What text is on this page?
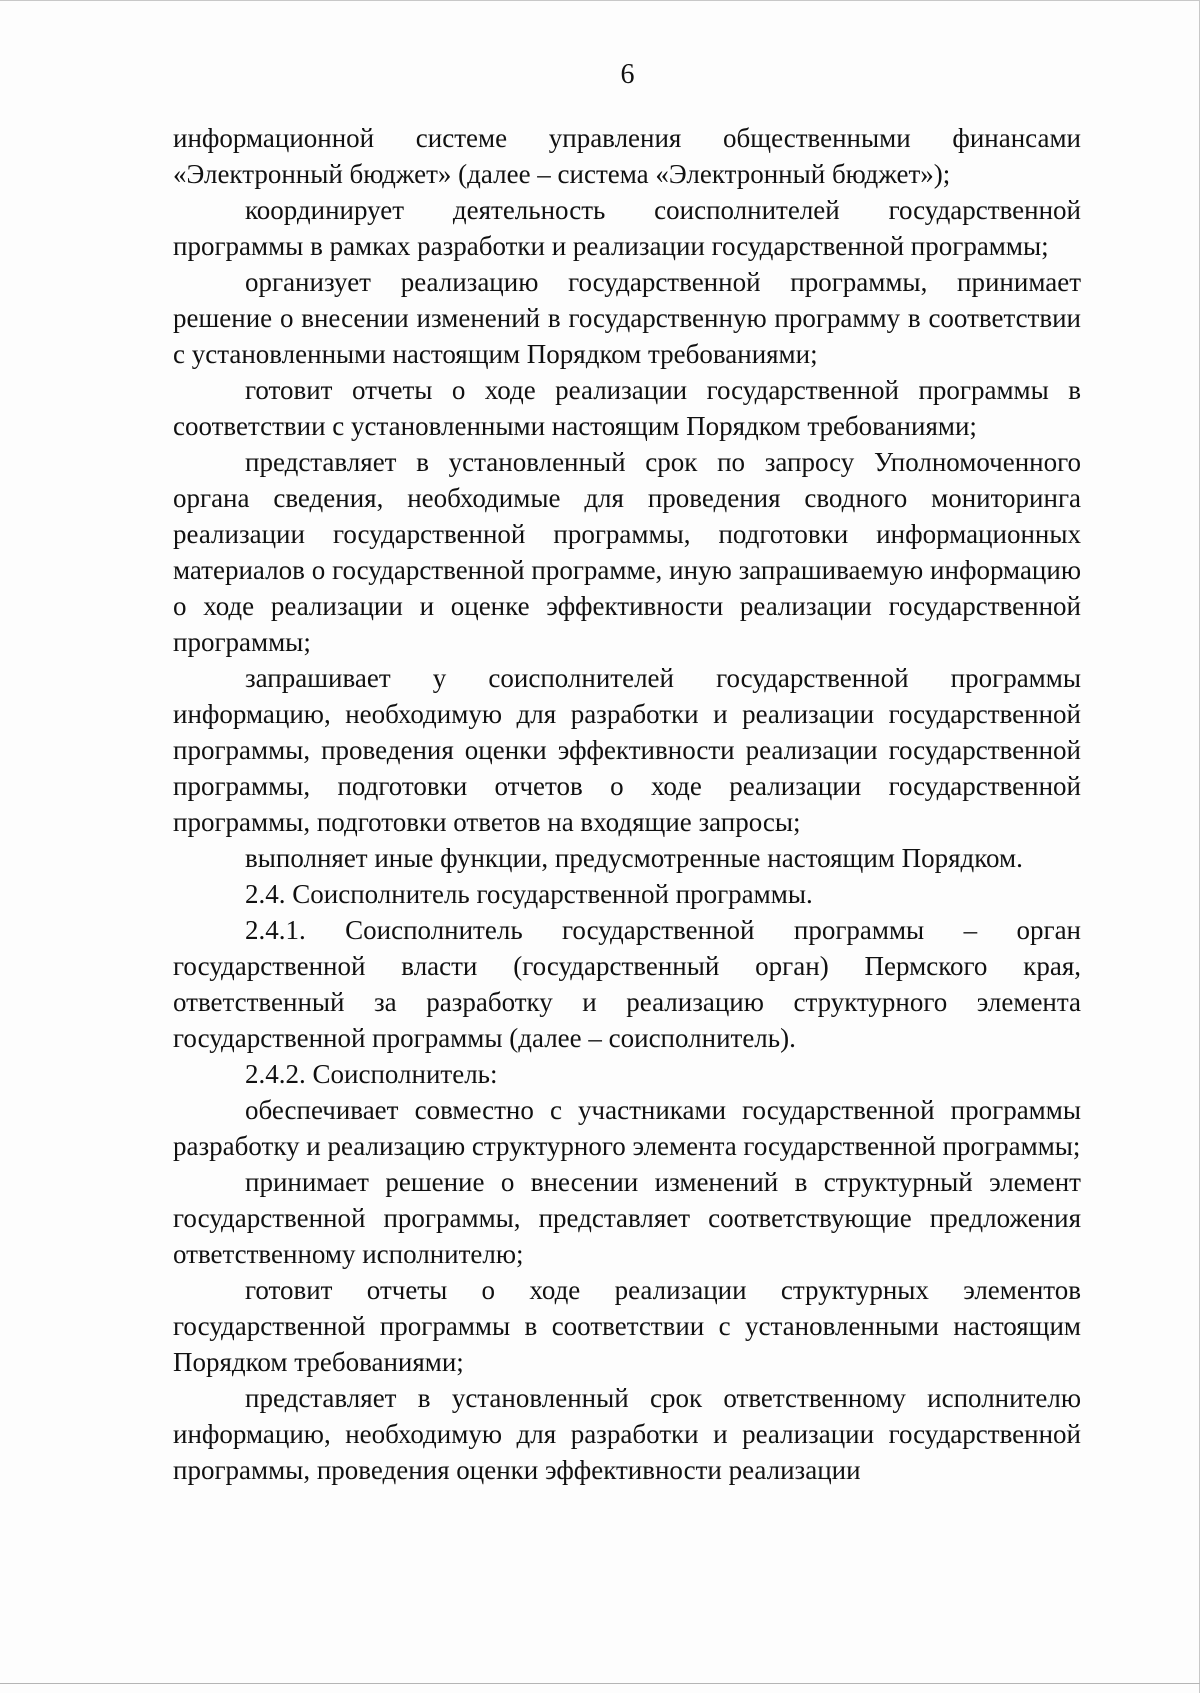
6

информационной системе управления общественными финансами «Электронный бюджет» (далее – система «Электронный бюджет»);

координирует деятельность соисполнителей государственной программы в рамках разработки и реализации государственной программы;

организует реализацию государственной программы, принимает решение о внесении изменений в государственную программу в соответствии с установленными настоящим Порядком требованиями;

готовит отчеты о ходе реализации государственной программы в соответствии с установленными настоящим Порядком требованиями;

представляет в установленный срок по запросу Уполномоченного органа сведения, необходимые для проведения сводного мониторинга реализации государственной программы, подготовки информационных материалов о государственной программе, иную запрашиваемую информацию о ходе реализации и оценке эффективности реализации государственной программы;

запрашивает у соисполнителей государственной программы информацию, необходимую для разработки и реализации государственной программы, проведения оценки эффективности реализации государственной программы, подготовки отчетов о ходе реализации государственной программы, подготовки ответов на входящие запросы;

выполняет иные функции, предусмотренные настоящим Порядком.

2.4. Соисполнитель государственной программы.

2.4.1. Соисполнитель государственной программы – орган государственной власти (государственный орган) Пермского края, ответственный за разработку и реализацию структурного элемента государственной программы (далее – соисполнитель).

2.4.2. Соисполнитель:

обеспечивает совместно с участниками государственной программы разработку и реализацию структурного элемента государственной программы;

принимает решение о внесении изменений в структурный элемент государственной программы, представляет соответствующие предложения ответственному исполнителю;

готовит отчеты о ходе реализации структурных элементов государственной программы в соответствии с установленными настоящим Порядком требованиями;

представляет в установленный срок ответственному исполнителю информацию, необходимую для разработки и реализации государственной программы, проведения оценки эффективности реализации
